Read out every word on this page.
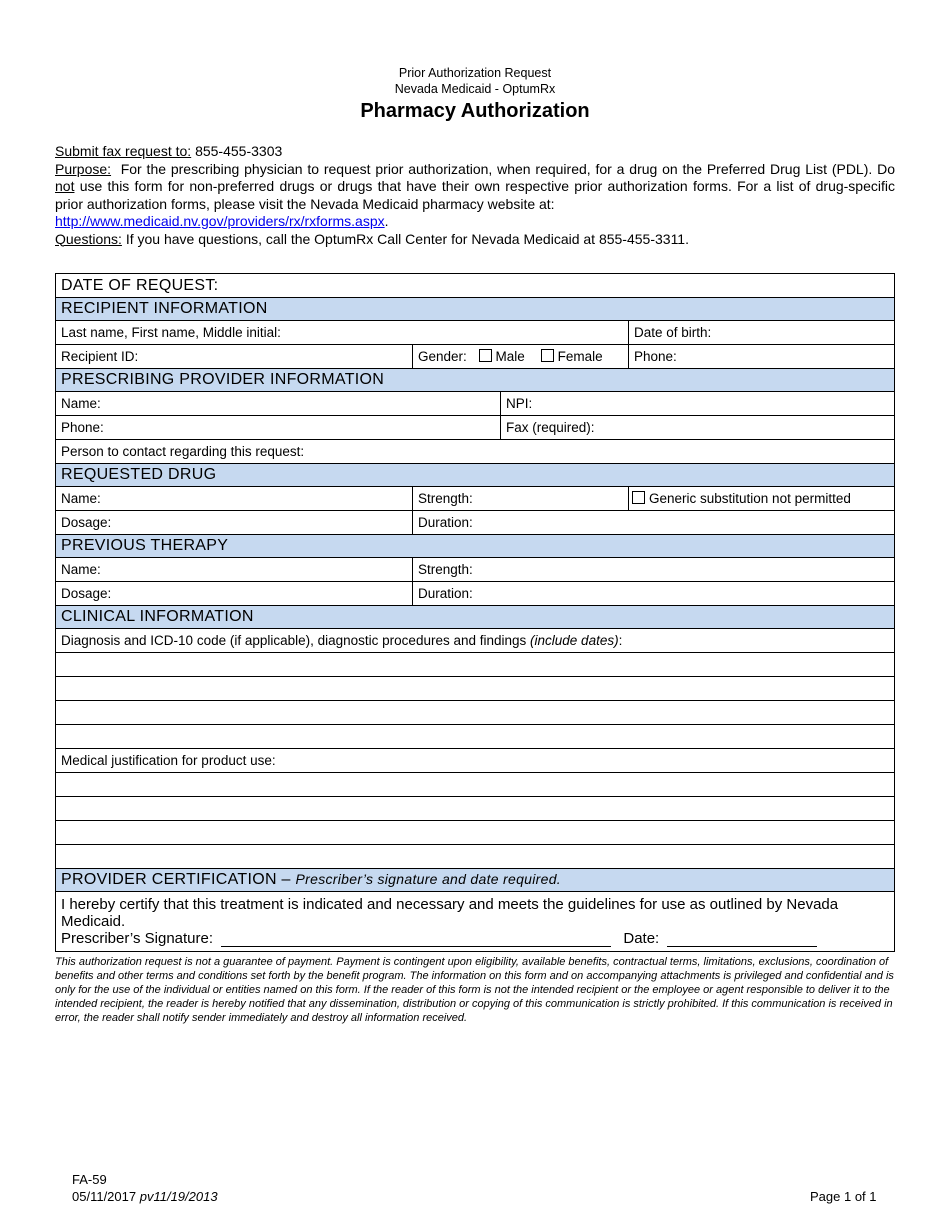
Prior Authorization Request
Nevada Medicaid - OptumRx
Pharmacy Authorization
Submit fax request to: 855-455-3303
Purpose: For the prescribing physician to request prior authorization, when required, for a drug on the Preferred Drug List (PDL). Do not use this form for non-preferred drugs or drugs that have their own respective prior authorization forms. For a list of drug-specific prior authorization forms, please visit the Nevada Medicaid pharmacy website at:
http://www.medicaid.nv.gov/providers/rx/rxforms.aspx.
Questions: If you have questions, call the OptumRx Call Center for Nevada Medicaid at 855-455-3311.
DATE OF REQUEST:			
RECIPIENT INFORMATION			
Last name, First name, Middle initial:			Date of birth:
Recipient ID:	Gender: Male Female		Phone:
PRESCRIBING PROVIDER INFORMATION			
Name:		NPI:	
Phone:		Fax (required):	
Person to contact regarding this request:			
REQUESTED DRUG			
Name:	Strength:		Generic substitution not permitted
Dosage:	Duration:		
PREVIOUS THERAPY			
Name:	Strength:		
Dosage:	Duration:		
CLINICAL INFORMATION			
Diagnosis and ICD-10 code (if applicable), diagnostic procedures and findings (include dates):			

Medical justification for product use:			

PROVIDER CERTIFICATION – Prescriber’s signature and date required.			

I hereby certify that this treatment is indicated and necessary and meets the guidelines for use as outlined by Nevada Medicaid.
Prescriber’s Signature: Date:			
This authorization request is not a guarantee of payment. Payment is contingent upon eligibility, available benefits, contractual terms, limitations, exclusions, coordination of benefits and other terms and conditions set forth by the benefit program. The information on this form and on accompanying attachments is privileged and confidential and is only for the use of the individual or entities named on this form. If the reader of this form is not the intended recipient or the employee or agent responsible to deliver it to the intended recipient, the reader is hereby notified that any dissemination, distribution or copying of this communication is strictly prohibited. If this communication is received in error, the reader shall notify sender immediately and destroy all information received.
FA-59
05/11/2017 pv11/19/2013	Page 1 of 1
